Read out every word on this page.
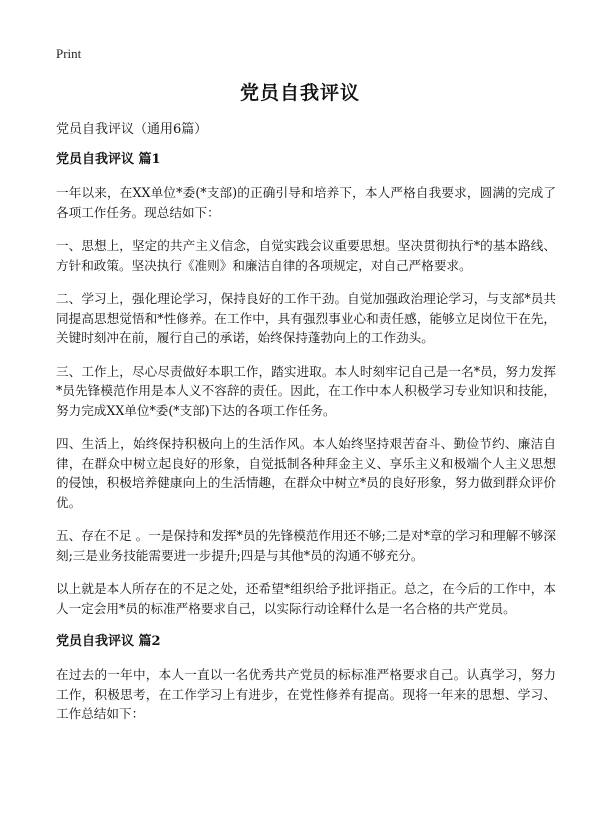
Print
党员自我评议
党员自我评议（通用6篇）
党员自我评议 篇1

一年以来，在XX单位*委(*支部)的正确引导和培养下，本人严格自我要求，圆满的完成了各项工作任务。现总结如下：

一、思想上，坚定的共产主义信念，自觉实践会议重要思想。坚决贯彻执行*的基本路线、方针和政策。坚决执行《准则》和廉洁自律的各项规定，对自己严格要求。

二、学习上，强化理论学习，保持良好的工作干劲。自觉加强政治理论学习，与支部*员共同提高思想觉悟和*性修养。在工作中，具有强烈事业心和责任感，能够立足岗位干在先，关键时刻冲在前，履行自己的承诺，始终保持蓬勃向上的工作劲头。

三、工作上，尽心尽责做好本职工作，踏实进取。本人时刻牢记自己是一名*员，努力发挥*员先锋模范作用是本人义不容辞的责任。因此，在工作中本人积极学习专业知识和技能，努力完成XX单位*委(*支部)下达的各项工作任务。

四、生活上，始终保持积极向上的生活作风。本人始终坚持艰苦奋斗、勤俭节约、廉洁自律，在群众中树立起良好的形象，自觉抵制各种拜金主义、享乐主义和极端个人主义思想的侵蚀，积极培养健康向上的生活情趣，在群众中树立*员的良好形象，努力做到群众评价优。

五、存在不足 。一是保持和发挥*员的先锋模范作用还不够;二是对*章的学习和理解不够深刻;三是业务技能需要进一步提升;四是与其他*员的沟通不够充分。

以上就是本人所存在的不足之处，还希望*组织给予批评指正。总之，在今后的工作中，本人一定会用*员的标准严格要求自己，以实际行动诠释什么是一名合格的共产党员。

党员自我评议 篇2

在过去的一年中，本人一直以一名优秀共产党员的标标准严格要求自己。认真学习，努力工作，积极思考，在工作学习上有进步，在党性修养有提高。现将一年来的思想、学习、工作总结如下：
